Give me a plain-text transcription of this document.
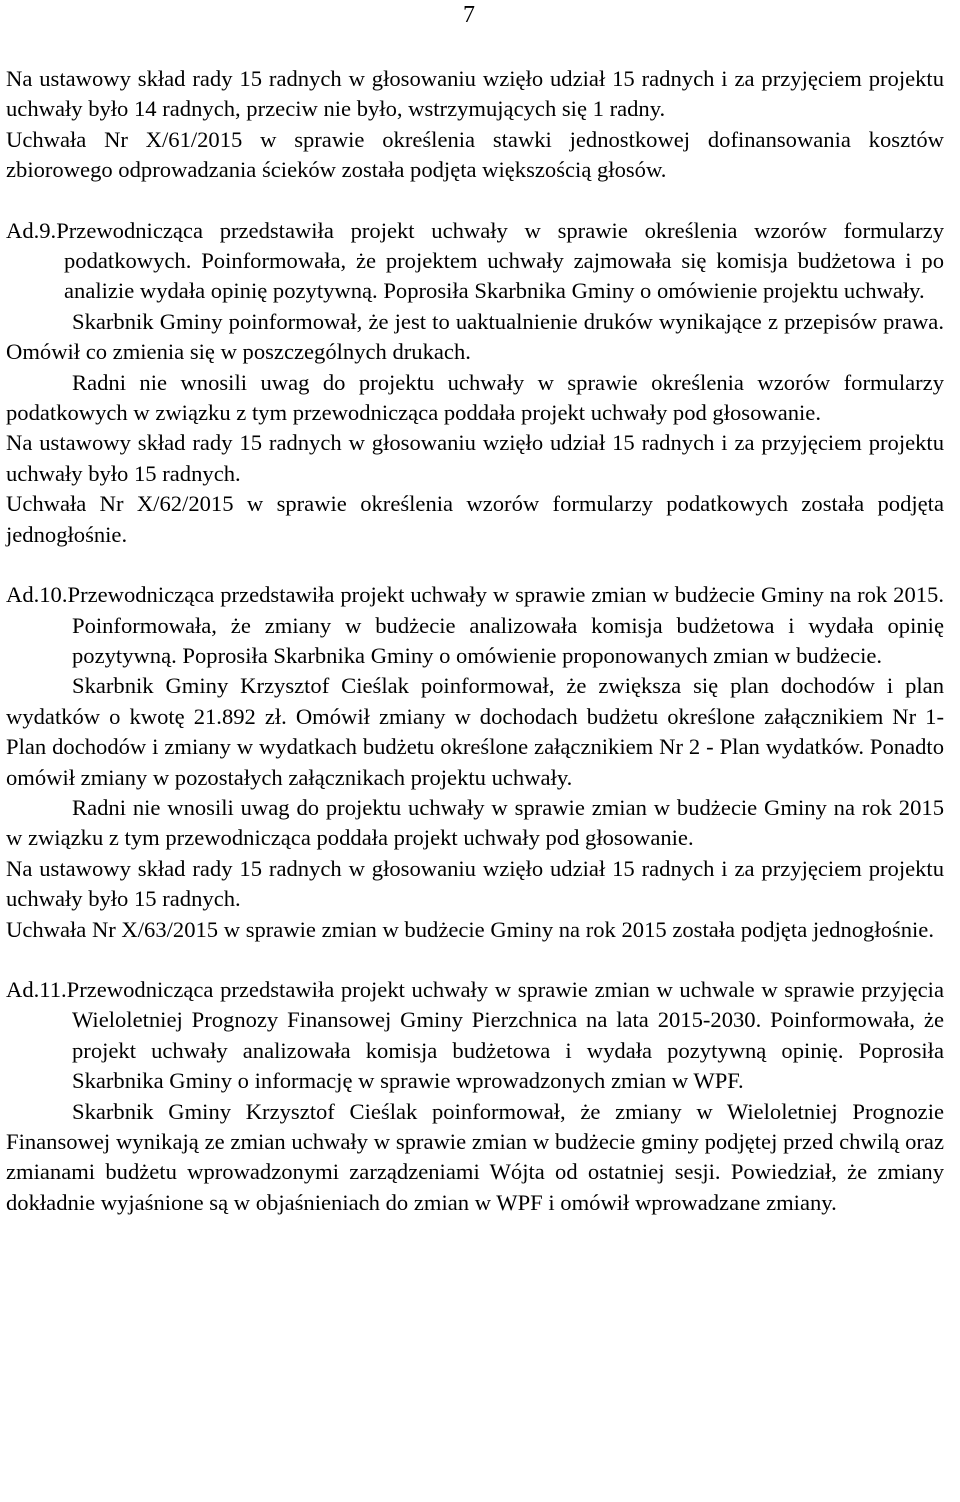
7

Na ustawowy skład rady 15 radnych w głosowaniu wzięło udział 15 radnych i za przyjęciem projektu uchwały było 14 radnych, przeciw nie było, wstrzymujących się 1 radny.

Uchwała Nr X/61/2015 w sprawie określenia stawki jednostkowej dofinansowania kosztów zbiorowego odprowadzania ścieków została podjęta większością głosów.

Ad.9.Przewodnicząca przedstawiła projekt uchwały w sprawie określenia wzorów formularzy podatkowych. Poinformowała, że projektem uchwały zajmowała się komisja budżetowa i po analizie wydała opinię pozytywną. Poprosiła Skarbnika Gminy o omówienie projektu uchwały.

Skarbnik Gminy poinformował, że jest to uaktualnienie druków wynikające z przepisów prawa. Omówił co zmienia się w poszczególnych drukach.

Radni nie wnosili uwag do projektu uchwały w sprawie określenia wzorów formularzy podatkowych w związku z tym przewodnicząca poddała projekt uchwały pod głosowanie.

Na ustawowy skład rady 15 radnych w głosowaniu wzięło udział 15 radnych i za przyjęciem projektu uchwały było 15 radnych.

Uchwała Nr X/62/2015 w sprawie określenia wzorów formularzy podatkowych została podjęta jednogłośnie.

Ad.10.Przewodnicząca przedstawiła projekt uchwały w sprawie zmian w budżecie Gminy na rok 2015. Poinformowała, że zmiany w budżecie analizowała komisja budżetowa i wydała opinię pozytywną. Poprosiła Skarbnika Gminy o omówienie proponowanych zmian w budżecie.

Skarbnik Gminy Krzysztof Cieślak poinformował, że zwiększa się plan dochodów i plan wydatków o kwotę 21.892 zł. Omówił zmiany w dochodach budżetu określone załącznikiem Nr 1- Plan dochodów i zmiany w wydatkach budżetu określone załącznikiem Nr 2 - Plan wydatków. Ponadto omówił zmiany w pozostałych załącznikach projektu uchwały.

Radni nie wnosili uwag do projektu uchwały w sprawie zmian w budżecie Gminy na rok 2015 w związku z tym przewodnicząca poddała projekt uchwały pod głosowanie.

Na ustawowy skład rady 15 radnych w głosowaniu wzięło udział 15 radnych i za przyjęciem projektu uchwały było 15 radnych.

Uchwała Nr X/63/2015 w sprawie zmian w budżecie Gminy na rok 2015 została podjęta jednogłośnie.

Ad.11.Przewodnicząca przedstawiła projekt uchwały w sprawie zmian w uchwale w sprawie przyjęcia Wieloletniej Prognozy Finansowej Gminy Pierzchnica na lata 2015-2030. Poinformowała, że projekt uchwały analizowała komisja budżetowa i wydała pozytywną opinię. Poprosiła Skarbnika Gminy o informację w sprawie wprowadzonych zmian w WPF.

Skarbnik Gminy Krzysztof Cieślak poinformował, że zmiany w Wieloletniej Prognozie Finansowej wynikają ze zmian uchwały w sprawie zmian w budżecie gminy podjętej przed chwilą oraz zmianami budżetu wprowadzonymi zarządzeniami Wójta od ostatniej sesji. Powiedział, że zmiany dokładnie wyjaśnione są w objaśnieniach do zmian w WPF i omówił wprowadzane zmiany.
